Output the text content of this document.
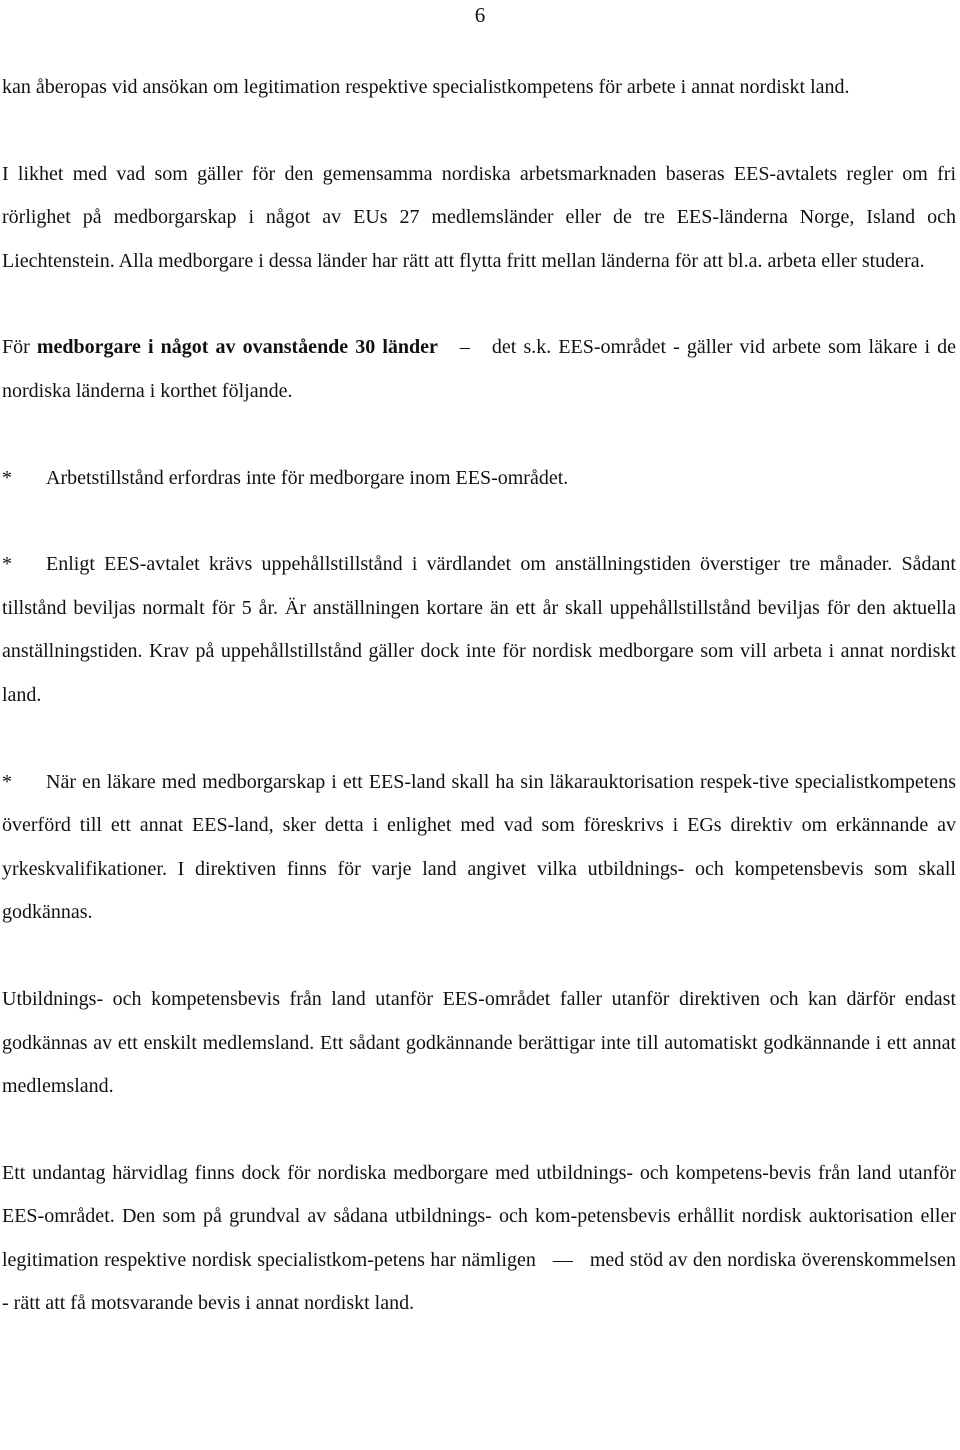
6

kan åberopas vid ansökan om legitimation respektive specialistkompetens för arbete i annat nordiskt land.

I likhet med vad som gäller för den gemensamma nordiska arbetsmarknaden baseras EES-avtalets regler om fri rörlighet på medborgarskap i något av EUs 27 medlemsländer eller de tre EES-länderna Norge, Island och Liechtenstein. Alla medborgare i dessa länder har rätt att flytta fritt mellan länderna för att bl.a. arbeta eller studera.

För medborgare i något av ovanstående 30 länder – det s.k. EES-området - gäller vid arbete som läkare i de nordiska länderna i korthet följande.

* Arbetstillstånd erfordras inte för medborgare inom EES-området.

* Enligt EES-avtalet krävs uppehållstillstånd i värdlandet om anställningstiden överstiger tre månader. Sådant tillstånd beviljas normalt för 5 år. Är anställningen kortare än ett år skall uppehållstillstånd beviljas för den aktuella anställningstiden. Krav på uppehållstillstånd gäller dock inte för nordisk medborgare som vill arbeta i annat nordiskt land.

* När en läkare med medborgarskap i ett EES-land skall ha sin läkarauktorisation respek-tive specialistkompetens överförd till ett annat EES-land, sker detta i enlighet med vad som föreskrivs i EGs direktiv om erkännande av yrkeskvalifikationer. I direktiven finns för varje land angivet vilka utbildnings- och kompetensbevis som skall godkännas.

Utbildnings- och kompetensbevis från land utanför EES-området faller utanför direktiven och kan därför endast godkännas av ett enskilt medlemsland. Ett sådant godkännande berättigar inte till automatiskt godkännande i ett annat medlemsland.

Ett undantag härvidlag finns dock för nordiska medborgare med utbildnings- och kompetens-bevis från land utanför EES-området. Den som på grundval av sådana utbildnings- och kom-petensbevis erhållit nordisk auktorisation eller legitimation respektive nordisk specialistkom-petens har nämligen — med stöd av den nordiska överenskommelsen - rätt att få motsvarande bevis i annat nordiskt land.
